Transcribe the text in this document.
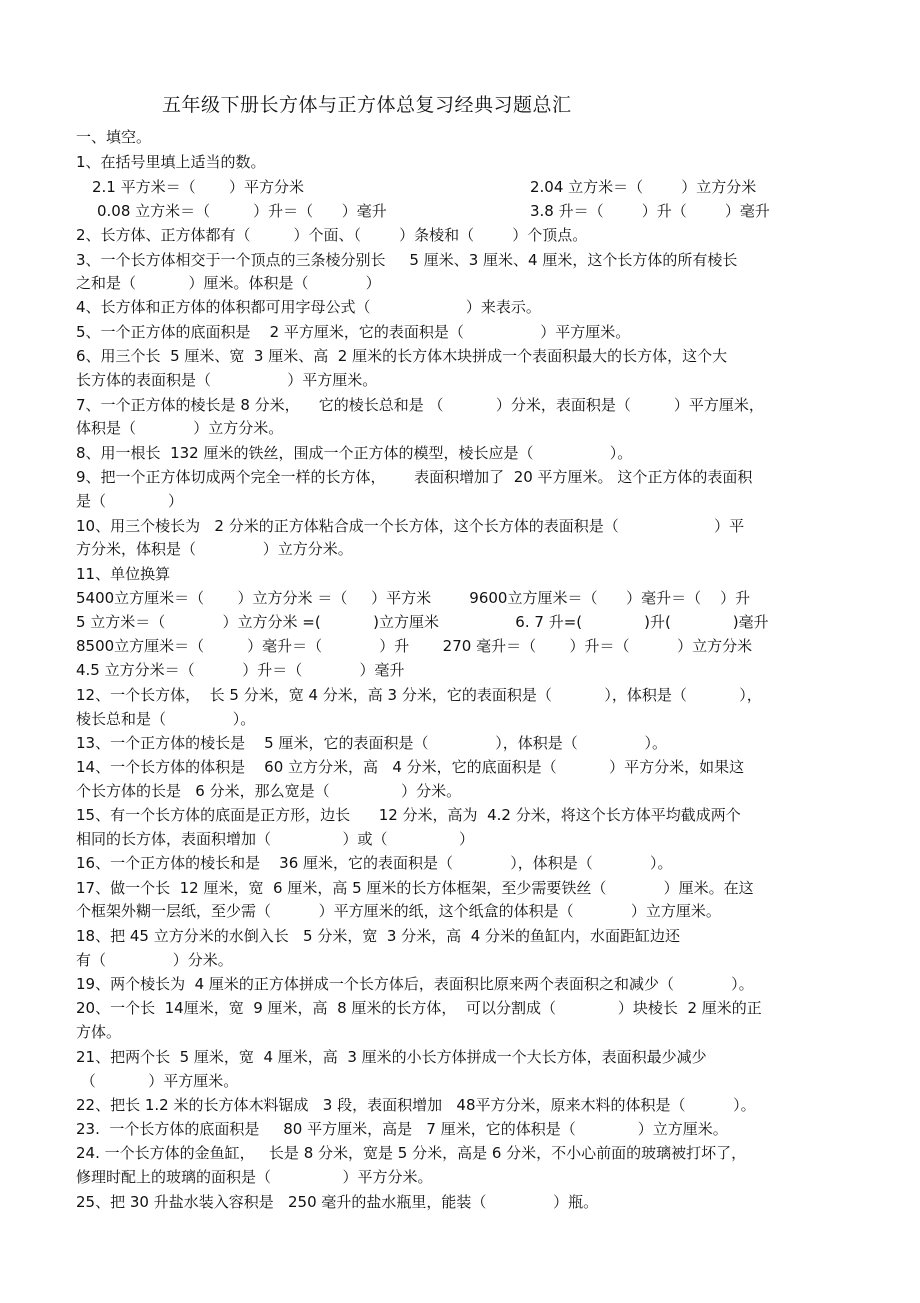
五年级下册长方体与正方体总复习经典习题总汇
一、填空。
1、在括号里填上适当的数。
2.1 平方米＝（       ）平方分米	2.04 立方米＝（        ）立方分米
0.08 立方米＝（         ）升＝（      ）毫升	3.8 升＝（        ）升（        ）毫升
2、长方体、正方体都有（         ）个面、（        ）条棱和（        ）个顶点。
3、一个长方体相交于一个顶点的三条棱分别长     5 厘米、3 厘米、4 厘米，这个长方体的所有棱长
之和是（           ）厘米。体积是（            ）
4、长方体和正方体的体积都可用字母公式（                    ）来表示。
5、一个正方体的底面积是    2 平方厘米，它的表面积是（                ）平方厘米。
6、用三个长  5 厘米、宽  3 厘米、高  2 厘米的长方体木块拼成一个表面积最大的长方体，这个大
长方体的表面积是（                ）平方厘米。
7、一个正方体的棱长是 8 分米，    它的棱长总和是 （           ）分米，表面积是（         ）平方厘米，
体积是（            ）立方分米。
8、用一根长  132 厘米的铁丝，围成一个正方体的模型，棱长应是（                ）。
9、把一个正方体切成两个完全一样的长方体，      表面积增加了  20 平方厘米。 这个正方体的表面积
是（             ）
10、用三个棱长为   2 分米的正方体粘合成一个长方体，这个长方体的表面积是（                    ）平
方分米，体积是（              ）立方分米。
11、单位换算
5400立方厘米＝（       ）立方分米 ＝（     ）平方米        9600立方厘米＝（      ）毫升＝（    ）升
5 立方米＝（            ）立方分米 =(           )立方厘米                6. 7 升=(             )升(             )毫升
8500立方厘米＝（         ）毫升＝（            ）升       270 毫升＝（       ）升＝（          ）立方分米
4.5 立方分米＝（          ）升＝（            ）毫升
12、一个长方体，  长 5 分米，宽 4 分米，高 3 分米，它的表面积是（           ），体积是（           ），
棱长总和是（              ）。
13、一个正方体的棱长是    5 厘米，它的表面积是（              ），体积是（              ）。
14、一个长方体的体积是    60 立方分米，高   4 分米，它的底面积是（           ）平方分米，如果这
个长方体的长是   6 分米，那么宽是（               ）分米。
15、有一个长方体的底面是正方形，边长      12 分米，高为  4.2 分米，将这个长方体平均截成两个
相同的长方体，表面积增加（               ）或（               ）
16、一个正方体的棱长和是    36 厘米，它的表面积是（            ），体积是（            ）。
17、做一个长  12 厘米，宽  6 厘米，高 5 厘米的长方体框架，至少需要铁丝（            ）厘米。在这
个框架外糊一层纸，至少需（          ）平方厘米的纸，这个纸盒的体积是（            ）立方厘米。
18、把 45 立方分米的水倒入长   5 分米，宽  3 分米，高  4 分米的鱼缸内，水面距缸边还
有（              ）分米。
19、两个棱长为  4 厘米的正方体拼成一个长方体后，表面积比原来两个表面积之和减少（            ）。
20、一个长  14厘米，宽  9 厘米，高  8 厘米的长方体，  可以分割成（             ）块棱长  2 厘米的正
方体。
21、把两个长  5 厘米，宽  4 厘米，高  3 厘米的小长方体拼成一个大长方体，表面积最少减少
（           ）平方厘米。
22、把长 1.2 米的长方体木料锯成   3 段，表面积增加   48平方分米，原来木料的体积是（          ）。
23.  一个长方体的底面积是     80 平方厘米，高是   7 厘米，它的体积是（             ）立方厘米。
24. 一个长方体的金鱼缸，   长是 8 分米，宽是 5 分米，高是 6 分米，不小心前面的玻璃被打坏了，
修理时配上的玻璃的面积是（               ）平方分米。
25、把 30 升盐水装入容积是   250 毫升的盐水瓶里，能装（              ）瓶。
